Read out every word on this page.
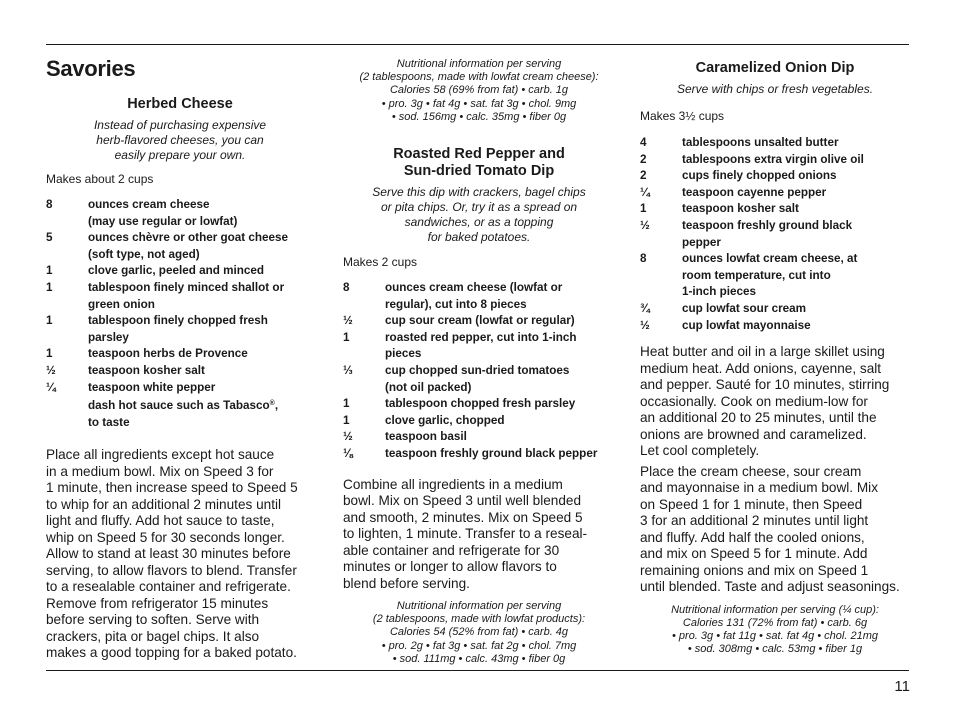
Savories
Herbed Cheese

Instead of purchasing expensive
herb-flavored cheeses, you can
easily prepare your own.

Makes about 2 cups

8	ounces cream cheese
(may use regular or lowfat)
5	ounces chèvre or other goat cheese
(soft type, not aged)
1	clove garlic, peeled and minced
1	tablespoon finely minced shallot or
green onion
1	tablespoon finely chopped fresh
parsley
1	teaspoon herbs de Provence
½	teaspoon kosher salt
¼	teaspoon white pepper
dash hot sauce such as Tabasco®,
to taste

Place all ingredients except hot sauce
in a medium bowl. Mix on Speed 3 for
1 minute, then increase speed to Speed 5
to whip for an additional 2 minutes until
light and fluffy. Add hot sauce to taste,
whip on Speed 5 for 30 seconds longer.
Allow to stand at least 30 minutes before
serving, to allow flavors to blend. Transfer
to a resealable container and refrigerate.
Remove from refrigerator 15 minutes
before serving to soften. Serve with
crackers, pita or bagel chips. It also
makes a good topping for a baked potato.

Nutritional information per serving
(2 tablespoons, made with lowfat cream cheese):
Calories 58 (69% from fat) • carb. 1g
• pro. 3g • fat 4g • sat. fat 3g • chol. 9mg
• sod. 156mg • calc. 35mg • fiber 0g

Roasted Red Pepper and
Sun-dried Tomato Dip

Serve this dip with crackers, bagel chips
or pita chips. Or, try it as a spread on
sandwiches, or as a topping
for baked potatoes.

Makes 2 cups

8	ounces cream cheese (lowfat or
regular), cut into 8 pieces
½	cup sour cream (lowfat or regular)
1	roasted red pepper, cut into 1-inch
pieces
⅓	cup chopped sun-dried tomatoes
(not oil packed)
1	tablespoon chopped fresh parsley
1	clove garlic, chopped
½	teaspoon basil
⅛	teaspoon freshly ground black pepper

Combine all ingredients in a medium
bowl. Mix on Speed 3 until well blended
and smooth, 2 minutes. Mix on Speed 5
to lighten, 1 minute. Transfer to a reseal-
able container and refrigerate for 30
minutes or longer to allow flavors to
blend before serving.

Nutritional information per serving
(2 tablespoons, made with lowfat products):
Calories 54 (52% from fat) • carb. 4g
• pro. 2g • fat 3g • sat. fat 2g • chol. 7mg
• sod. 111mg • calc. 43mg • fiber 0g

Caramelized Onion Dip

Serve with chips or fresh vegetables.

Makes 3½ cups

4	tablespoons unsalted butter
2	tablespoons extra virgin olive oil
2	cups finely chopped onions
¼	teaspoon cayenne pepper
1	teaspoon kosher salt
½	teaspoon freshly ground black
pepper
8	ounces lowfat cream cheese, at
room temperature, cut into
1-inch pieces
¾	cup lowfat sour cream
½	cup lowfat mayonnaise

Heat butter and oil in a large skillet using
medium heat. Add onions, cayenne, salt
and pepper. Sauté for 10 minutes, stirring
occasionally. Cook on medium-low for
an additional 20 to 25 minutes, until the
onions are browned and caramelized.
Let cool completely.

Place the cream cheese, sour cream
and mayonnaise in a medium bowl. Mix
on Speed 1 for 1 minute, then Speed
3 for an additional 2 minutes until light
and fluffy. Add half the cooled onions,
and mix on Speed 5 for 1 minute. Add
remaining onions and mix on Speed 1
until blended. Taste and adjust seasonings.

Nutritional information per serving (¼ cup):
Calories 131 (72% from fat) • carb. 6g
• pro. 3g • fat 11g • sat. fat 4g • chol. 21mg
• sod. 308mg • calc. 53mg • fiber 1g

11
